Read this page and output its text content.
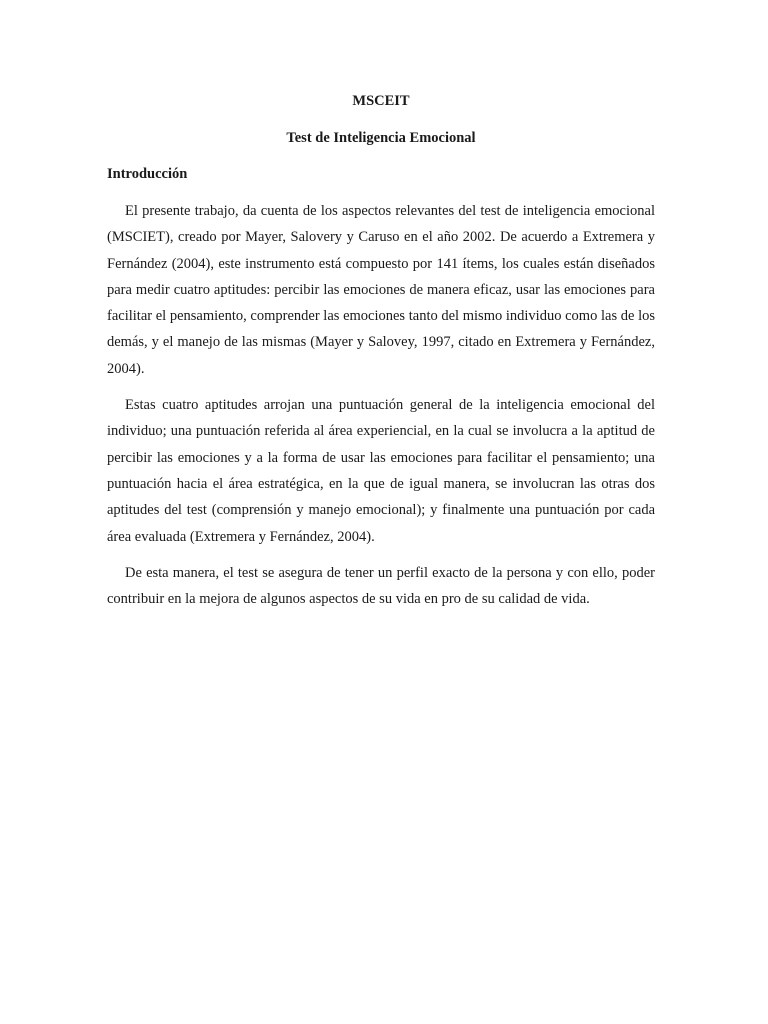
MSCEIT
Test de Inteligencia Emocional
Introducción

El presente trabajo, da cuenta de los aspectos relevantes del test de inteligencia emocional (MSCIET), creado por Mayer, Salovery y Caruso en el año 2002. De acuerdo a Extremera y Fernández (2004), este instrumento está compuesto por 141 ítems, los cuales están diseñados para medir cuatro aptitudes: percibir las emociones de manera eficaz, usar las emociones para facilitar el pensamiento, comprender las emociones tanto del mismo individuo como las de los demás, y el manejo de las mismas (Mayer y Salovey, 1997, citado en Extremera y Fernández, 2004).

Estas cuatro aptitudes arrojan una puntuación general de la inteligencia emocional del individuo; una puntuación referida al área experiencial, en la cual se involucra a la aptitud de percibir las emociones y a la forma de usar las emociones para facilitar el pensamiento; una puntuación hacia el área estratégica, en la que de igual manera, se involucran las otras dos aptitudes del test (comprensión y manejo emocional); y finalmente una puntuación por cada área evaluada (Extremera y Fernández, 2004).

De esta manera, el test se asegura de tener un perfil exacto de la persona y con ello, poder contribuir en la mejora de algunos aspectos de su vida en pro de su calidad de vida.
